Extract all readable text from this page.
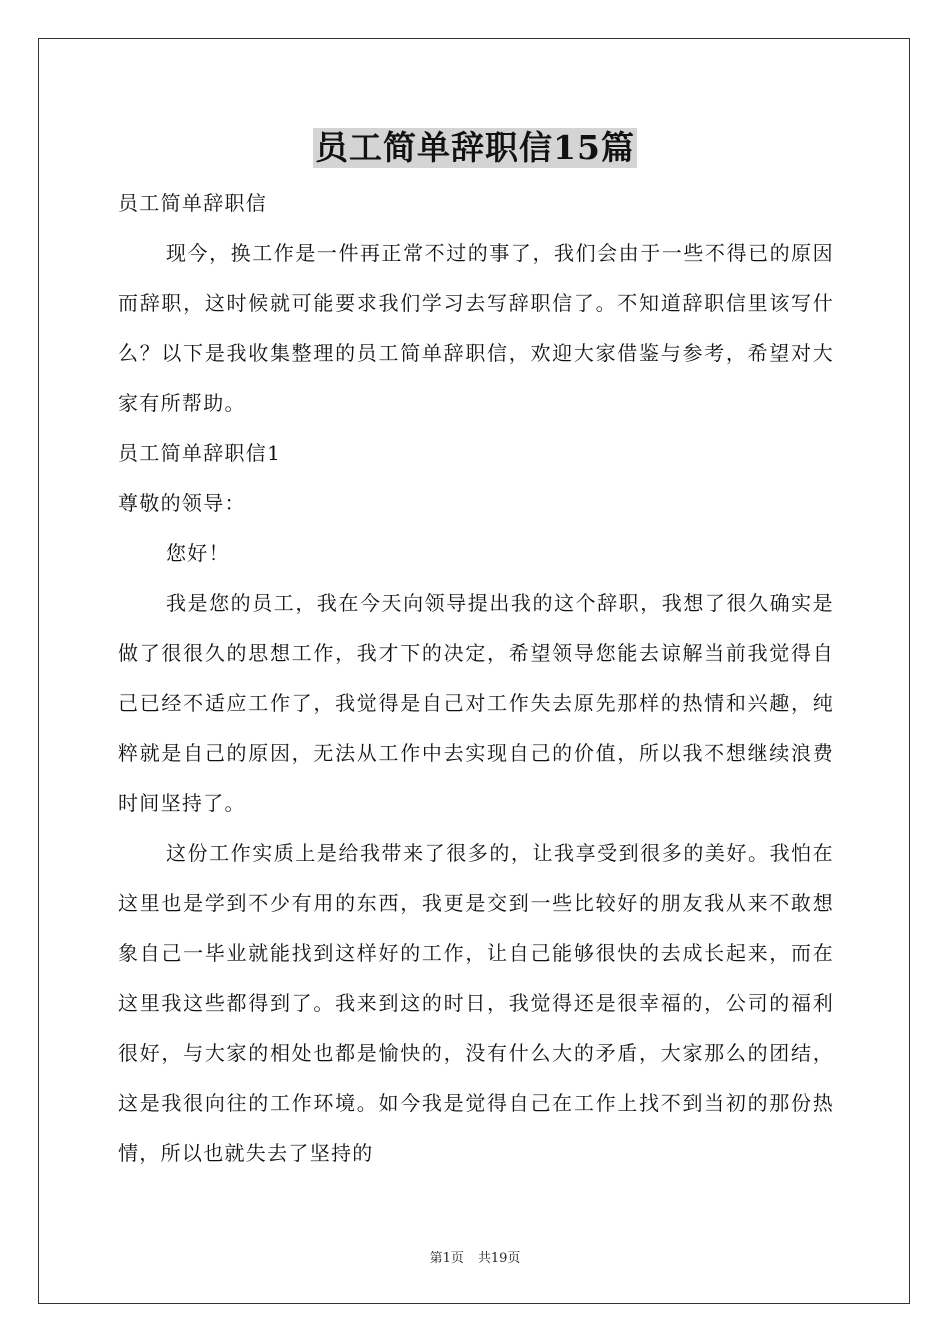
员工简单辞职信15篇

员工简单辞职信

现今，换工作是一件再正常不过的事了，我们会由于一些不得已的原因而辞职，这时候就可能要求我们学习去写辞职信了。不知道辞职信里该写什么？以下是我收集整理的员工简单辞职信，欢迎大家借鉴与参考，希望对大家有所帮助。

员工简单辞职信1

尊敬的领导：

您好！

我是您的员工，我在今天向领导提出我的这个辞职，我想了很久确实是做了很很久的思想工作，我才下的决定，希望领导您能去谅解当前我觉得自己已经不适应工作了，我觉得是自己对工作失去原先那样的热情和兴趣，纯粹就是自己的原因，无法从工作中去实现自己的价值，所以我不想继续浪费时间坚持了。

这份工作实质上是给我带来了很多的，让我享受到很多的美好。我怕在这里也是学到不少有用的东西，我更是交到一些比较好的朋友我从来不敢想象自己一毕业就能找到这样好的工作，让自己能够很快的去成长起来，而在这里我这些都得到了。我来到这的时日，我觉得还是很幸福的，公司的福利很好，与大家的相处也都是愉快的，没有什么大的矛盾，大家那么的团结，这是我很向往的工作环境。如今我是觉得自己在工作上找不到当初的那份热情，所以也就失去了坚持的

第1页 共19页
